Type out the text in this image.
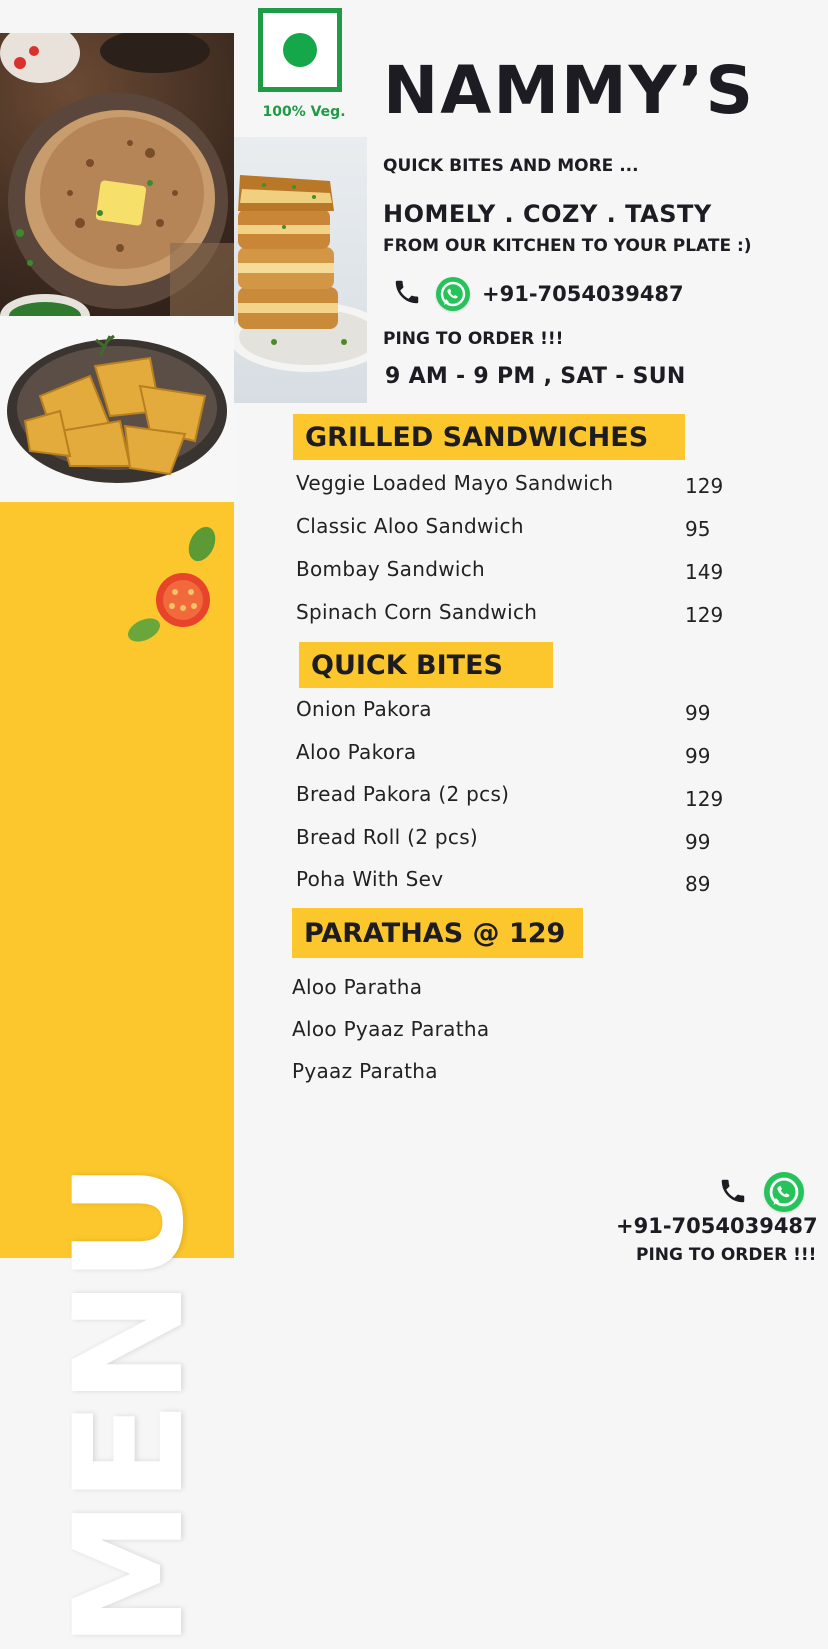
MENU
100% Veg. NAMMY’S
QUICK BITES AND MORE ...
HOMELY . COZY . TASTY
FROM OUR KITCHEN TO YOUR PLATE :)
+91-7054039487
PING TO ORDER !!!
9 AM - 9 PM , SAT - SUN
GRILLED SANDWICHES
Veggie Loaded Mayo Sandwich	129
Classic Aloo Sandwich	95
Bombay Sandwich	149
Spinach Corn Sandwich	129
QUICK BITES
Onion Pakora	99
Aloo Pakora	99
Bread Pakora (2 pcs)	129
Bread Roll (2 pcs)	99
Poha With Sev	89
PARATHAS @ 129
Aloo Paratha
Aloo Pyaaz Paratha
Pyaaz Paratha
+91-7054039487
PING TO ORDER !!!
